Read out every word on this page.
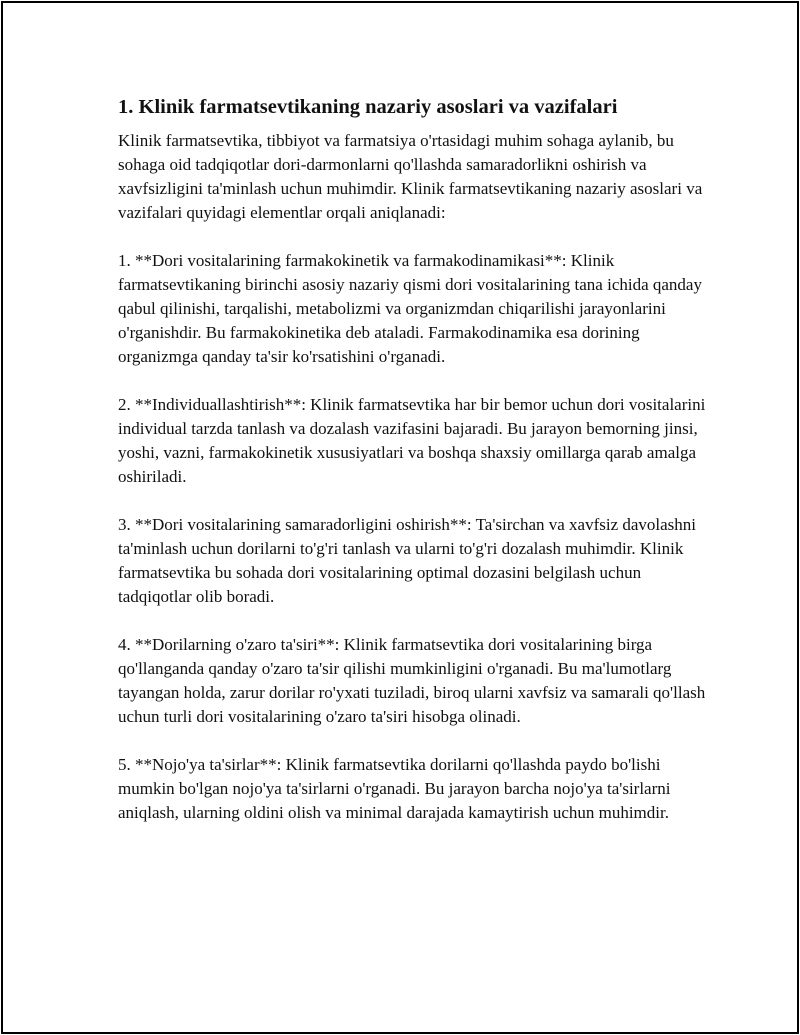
1. Klinik farmatsevtikaning nazariy asoslari va vazifalari

Klinik farmatsevtika, tibbiyot va farmatsiya o'rtasidagi muhim sohaga aylanib, bu sohaga oid tadqiqotlar dori-darmonlarni qo'llashda samaradorlikni oshirish va xavfsizligini ta'minlash uchun muhimdir. Klinik farmatsevtikaning nazariy asoslari va vazifalari quyidagi elementlar orqali aniqlanadi:

1. **Dori vositalarining farmakokinetik va farmakodinamikasi**: Klinik farmatsevtikaning birinchi asosiy nazariy qismi dori vositalarining tana ichida qanday qabul qilinishi, tarqalishi, metabolizmi va organizmdan chiqarilishi jarayonlarini o'rganishdir. Bu farmakokinetika deb ataladi. Farmakodinamika esa dorining organizmga qanday ta'sir ko'rsatishini o'rganadi.

2. **Individuallashtirish**: Klinik farmatsevtika har bir bemor uchun dori vositalarini individual tarzda tanlash va dozalash vazifasini bajaradi. Bu jarayon bemorning jinsi, yoshi, vazni, farmakokinetik xususiyatlari va boshqa shaxsiy omillarga qarab amalga oshiriladi.

3. **Dori vositalarining samaradorligini oshirish**: Ta'sirchan va xavfsiz davolashni ta'minlash uchun dorilarni to'g'ri tanlash va ularni to'g'ri dozalash muhimdir. Klinik farmatsevtika bu sohada dori vositalarining optimal dozasini belgilash uchun tadqiqotlar olib boradi.

4. **Dorilarning o'zaro ta'siri**: Klinik farmatsevtika dori vositalarining birga qo'llanganda qanday o'zaro ta'sir qilishi mumkinligini o'rganadi. Bu ma'lumotlarg tayangan holda, zarur dorilar ro'yxati tuziladi, biroq ularni xavfsiz va samarali qo'llash uchun turli dori vositalarining o'zaro ta'siri hisobga olinadi.

5. **Nojo'ya ta'sirlar**: Klinik farmatsevtika dorilarni qo'llashda paydo bo'lishi mumkin bo'lgan nojo'ya ta'sirlarni o'rganadi. Bu jarayon barcha nojo'ya ta'sirlarni aniqlash, ularning oldini olish va minimal darajada kamaytirish uchun muhimdir.
